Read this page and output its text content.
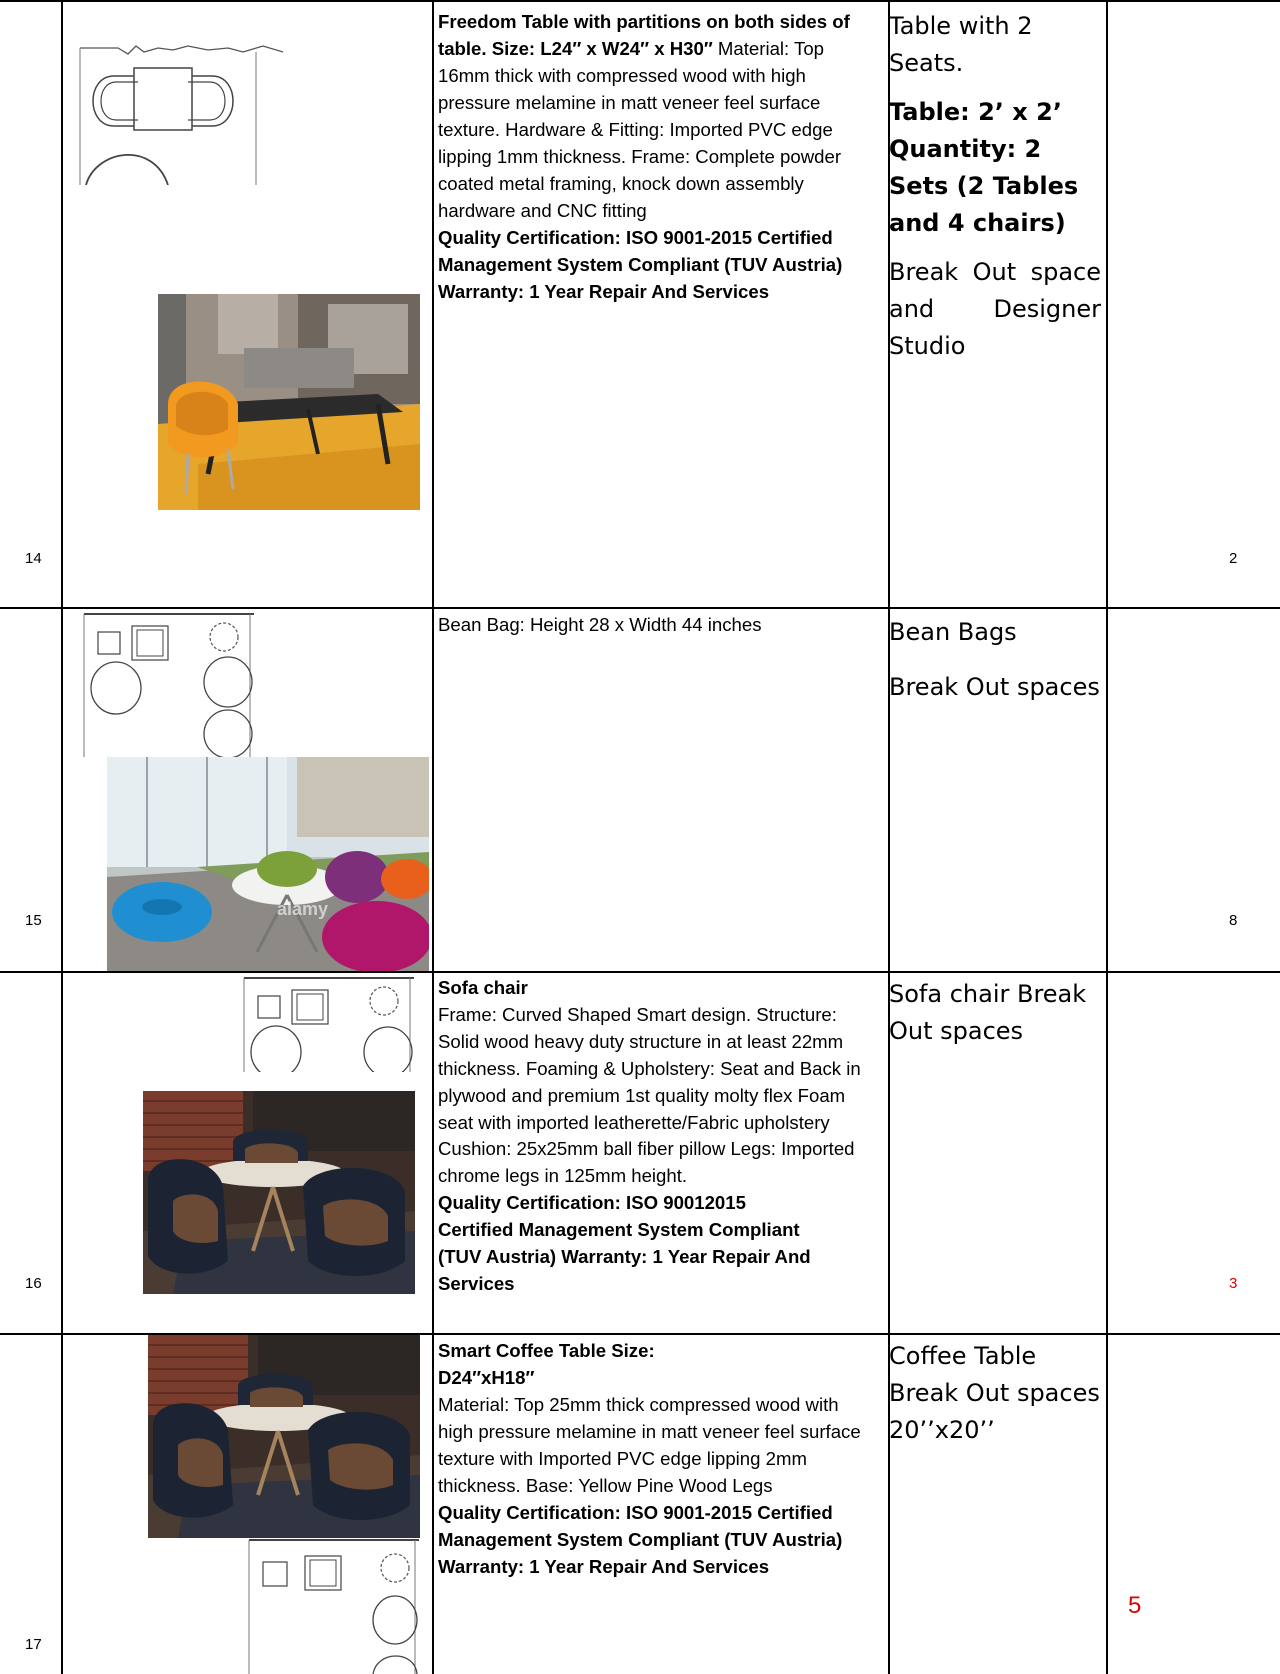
14
Freedom Table with partitions on both sides of table. Size: L24″ x W24″ x H30″ Material: Top 16mm thick with compressed wood with high pressure melamine in matt veneer feel surface texture. Hardware & Fitting: Imported PVC edge lipping 1mm thickness. Frame: Complete powder coated metal framing, knock down assembly hardware and CNC fitting
Quality Certification: ISO 9001-2015 Certified Management System Compliant (TUV Austria) Warranty: 1 Year Repair And Services

Table with 2 Seats.

Table: 2’ x 2’

Quantity: 2 Sets (2 Tables and 4 chairs)

Break Out space and Designer Studio

2
15
alamy
Bean Bag: Height 28 x Width 44 inches	Bean Bags

Break Out spaces

8
16
Sofa chair
Frame: Curved Shaped Smart design. Structure: Solid wood heavy duty structure in at least 22mm thickness. Foaming & Upholstery: Seat and Back in plywood and premium 1st quality molty flex Foam seat with imported leatherette/Fabric upholstery Cushion: 25x25mm ball fiber pillow Legs: Imported chrome legs in 125mm height.
Quality Certification: ISO 90012015 Certified Management System Compliant (TUV Austria) Warranty: 1 Year Repair And Services

Sofa chair Break Out spaces

3
17
Smart Coffee Table Size: D24″xH18″
Material: Top 25mm thick compressed wood with high pressure melamine in matt veneer feel surface texture with Imported PVC edge lipping 2mm thickness. Base: Yellow Pine Wood Legs
Quality Certification: ISO 9001-2015 Certified Management System Compliant (TUV Austria) Warranty: 1 Year Repair And Services

Coffee Table Break Out spaces 20’’x20’’

5
